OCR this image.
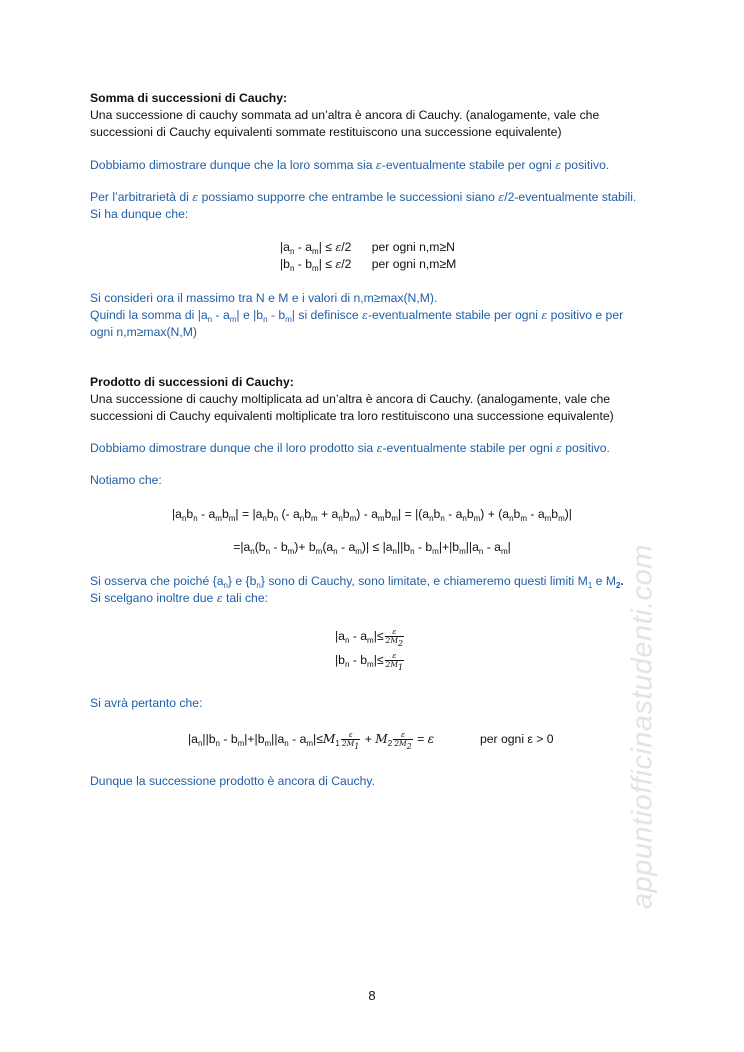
Somma di successioni di Cauchy:
Una successione di cauchy sommata ad un’altra è ancora di Cauchy. (analogamente, vale che
successioni di Cauchy equivalenti sommate restituiscono una successione equivalente)
Dobbiamo dimostrare dunque che la loro somma sia ε-eventualmente stabile per ogni ε positivo.
Per l’arbitrarietà di ε possiamo supporre che entrambe le successioni siano ε/2-eventualmente stabili.
Si ha dunque che:
$|a_n - a_m| \le \varepsilon/2$      per ogni n,m≥N
$|b_n - b_m| \le \varepsilon/2$      per ogni n,m≥M
Si consideri ora il massimo tra N e M e i valori di n,m≥max(N,M).
Quindi la somma di $|a_n - a_m|$ e $|b_n - b_m|$ si definisce ε-eventualmente stabile per ogni ε positivo e per
ogni n,m≥max(N,M)
Prodotto di successioni di Cauchy:
Una successione di cauchy moltiplicata ad un’altra è ancora di Cauchy. (analogamente, vale che
successioni di Cauchy equivalenti moltiplicate tra loro restituiscono una successione equivalente)
Dobbiamo dimostrare dunque che il loro prodotto sia ε-eventualmente stabile per ogni ε positivo.
Notiamo che:
$|a_nb_n - a_mb_m| = |a_nb_n$ (- $a_nb_m + a_nb_m) - a_mb_m| = |(a_nb_n - a_nb_m) + (a_nb_m - a_mb_m)|$
$=|a_n(b_n - b_m)+ b_m(a_n - a_m)| \le |a_n||b_n - b_m|+|b_m||a_n - a_m|$
Si osserva che poiché $\{a_n\}$ e $\{b_n\}$ sono di Cauchy, sono limitate, e chiameremo questi limiti $M_1$ e $M_2$.
Si scelgano inoltre due ε tali che:
$|a_n - a_m|\le \frac{\varepsilon}{2M_2}$
$|b_n - b_m|\le \frac{\varepsilon}{2M_1}$
Si avrà pertanto che:
$|a_n||b_n - b_m|+|b_m||a_n - a_m|\le M_1 \frac{\varepsilon}{2M_1} + M_2 \frac{\varepsilon}{2M_2} = \varepsilon$	per ogni ε > 0
Dunque la successione prodotto è ancora di Cauchy.	appuntiofficinastudenti.com
8
